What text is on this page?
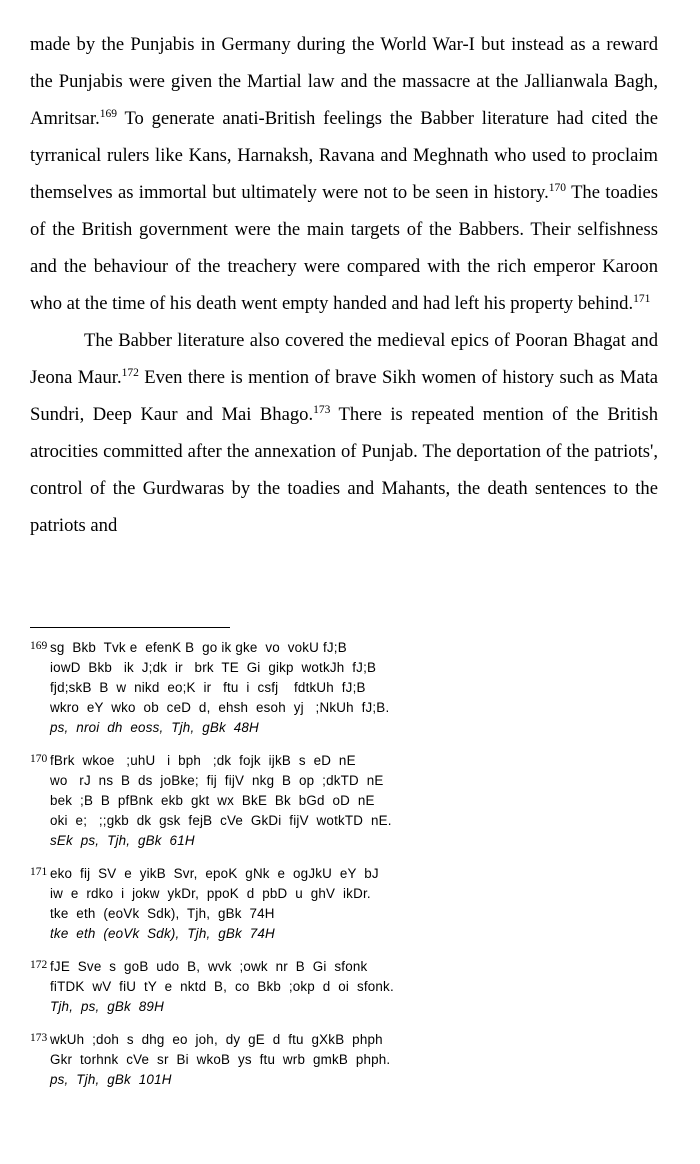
made by the Punjabis in Germany during the World War-I but instead as a reward the Punjabis were given the Martial law and the massacre at the Jallianwala Bagh, Amritsar.$^{169}$ To generate anati-British feelings the Babber literature had cited the tyrranical rulers like Kans, Harnaksh, Ravana and Meghnath who used to proclaim themselves as immortal but ultimately were not to be seen in history.$^{170}$ The toadies of the British government were the main targets of the Babbers. Their selfishness and the behaviour of the treachery were compared with the rich emperor Karoon who at the time of his death went empty handed and had left his property behind.$^{171}$

The Babber literature also covered the medieval epics of Pooran Bhagat and Jeona Maur.$^{172}$ Even there is mention of brave Sikh women of history such as Mata Sundri, Deep Kaur and Mai Bhago.$^{173}$ There is repeated mention of the British atrocities committed after the annexation of Punjab. The deportation of the patriots', control of the Gurdwaras by the toadies and Mahants, the death sentences to the patriots and

169 sg  Bkb  Tvk e  efenK B  go ik gke  vo  vokU fJ;B
iowD  Bkb   ik  J;dk  ir   brk  TE  Gi  gikp  wotkJh  fJ;B
fjd;skB  B  w  nikd  eo;K  ir   ftu  i  csfj    fdtkUh  fJ;B
wkro  eY  wko  ob  ceD  d,  ehsh  esoh  yj   ;NkUh  fJ;B.
ps,  nroi  dh  eoss,  Tjh,  gBk  48H
170 fBrk  wkoe   ;uhU   i  bph   ;dk  fojk  ijkB  s  eD  nE
wo   rJ  ns  B  ds  joBke;  fij  fijV  nkg  B  op  ;dkTD  nE
bek  ;B  B  pfBnk  ekb  gkt  wx  BkE  Bk  bGd  oD  nE
oki  e;   ;;gkb  dk  gsk  fejB  cVe  GkDi  fijV  wotkTD  nE.
sEk  ps,  Tjh,  gBk  61H
171 eko  fij  SV  e  yikB  Svr,  epoK  gNk  e  ogJkU  eY  bJ
iw  e  rdko  i  jokw  ykDr,  ppoK  d  pbD  u  ghV  ikDr.
tke  eth  (eoVk  Sdk),  Tjh,  gBk  74H
tke  eth  (eoVk  Sdk),  Tjh,  gBk  74H
172 fJE  Sve  s  goB  udo  B,  wvk  ;owk  nr  B  Gi  sfonk
fiTDK  wV  fiU  tY  e  nktd  B,  co  Bkb  ;okp  d  oi  sfonk.
Tjh,  ps,  gBk  89H
173 wkUh  ;doh  s  dhg  eo  joh,  dy  gE  d  ftu  gXkB  phph
Gkr  torhnk  cVe  sr  Bi  wkoB  ys  ftu  wrb  gmkB  phph.
ps,  Tjh,  gBk  101H
